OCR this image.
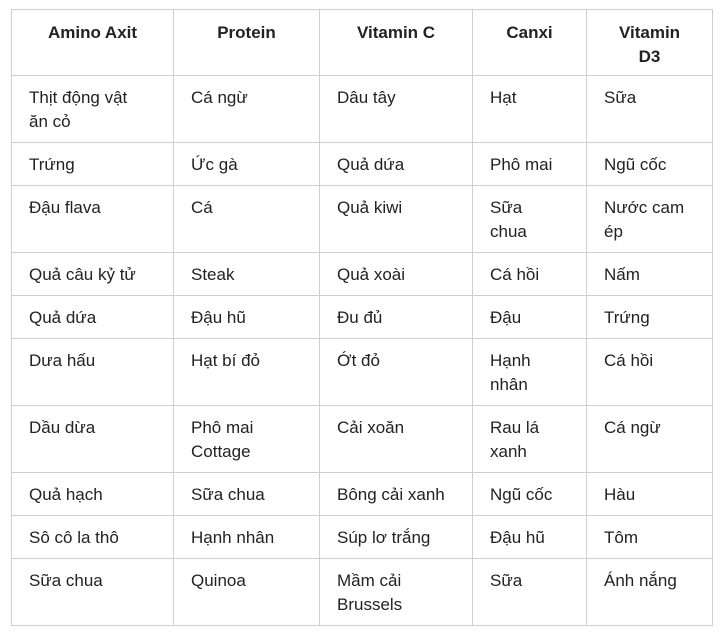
Amino Axit	Protein	Vitamin C	Canxi	Vitamin D3
Thịt động vật ăn cỏ	Cá ngừ	Dâu tây	Hạt	Sữa
Trứng	Ức gà	Quả dứa	Phô mai	Ngũ cốc
Đậu flava	Cá	Quả kiwi	Sữa chua	Nước cam ép
Quả câu kỷ tử	Steak	Quả xoài	Cá hồi	Nấm
Quả dứa	Đậu hũ	Đu đủ	Đậu	Trứng
Dưa hấu	Hạt bí đỏ	Ớt đỏ	Hạnh nhân	Cá hồi
Dầu dừa	Phô mai Cottage	Cải xoăn	Rau lá xanh	Cá ngừ
Quả hạch	Sữa chua	Bông cải xanh	Ngũ cốc	Hàu
Sô cô la thô	Hạnh nhân	Súp lơ trắng	Đậu hũ	Tôm
Sữa chua	Quinoa	Mầm cải Brussels	Sữa	Ánh nắng
